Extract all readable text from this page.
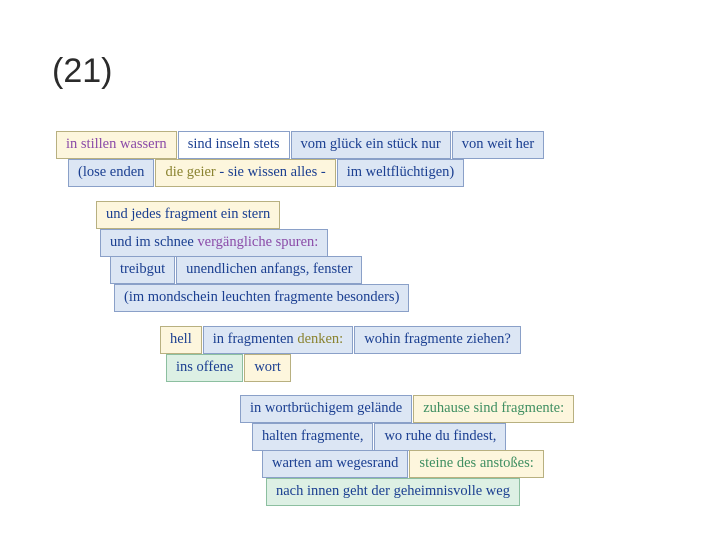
(21)
in stillen wassern	sind inseln stets	vom glück ein stück nur	von weit her
(lose enden	die geier - sie wissen alles -	im weltflüchtigen)
und jedes fragment ein stern
und im schnee vergängliche spuren:
treibgut	unendlichen anfangs, fenster
(im mondschein leuchten fragmente besonders)
hell	in fragmenten denken:	wohin fragmente ziehen?
ins offene	wort
in wortbrüchigem gelände	zuhause sind fragmente:
halten fragmente,	wo ruhe du findest,
warten am wegesrand	steine des anstoßes:
nach innen geht der geheimnisvolle weg
